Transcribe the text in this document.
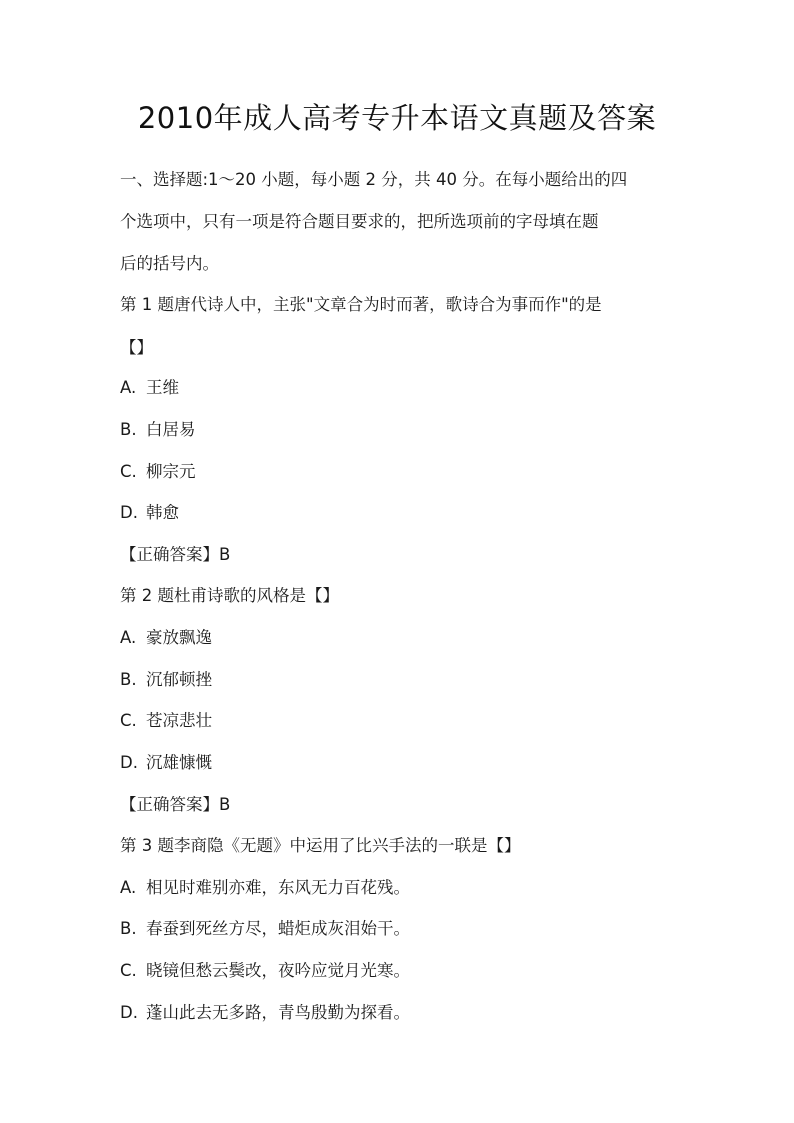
2010年成人高考专升本语文真题及答案
一、选择题:1～20 小题，每小题 2 分，共 40 分。在每小题给出的四
个选项中，只有一项是符合题目要求的，把所选项前的字母填在题
后的括号内。
第 1 题唐代诗人中，主张"文章合为时而著，歌诗合为事而作"的是
【】
A. 王维
B. 白居易
C. 柳宗元
D. 韩愈
【正确答案】B
第 2 题杜甫诗歌的风格是【】
A. 豪放飘逸
B. 沉郁顿挫
C. 苍凉悲壮
D. 沉雄慷慨
【正确答案】B
第 3 题李商隐《无题》中运用了比兴手法的一联是【】
A. 相见时难别亦难，东风无力百花残。
B. 春蚕到死丝方尽，蜡炬成灰泪始干。
C. 晓镜但愁云鬓改，夜吟应觉月光寒。
D. 蓬山此去无多路，青鸟殷勤为探看。
